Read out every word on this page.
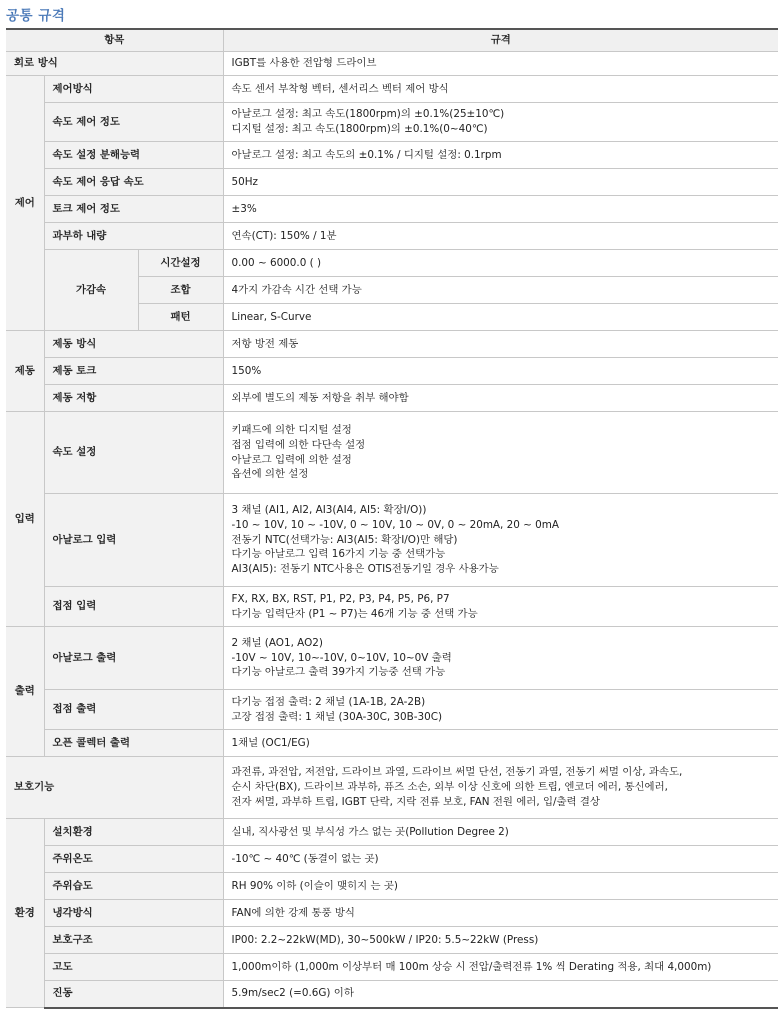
공통 규격
항목			규격
회로 방식			IGBT를 사용한 전압형 드라이브
제어	제어방식		속도 센서 부착형 벡터, 센서리스 벡터 제어 방식
	속도 제어 정도		아날로그 설정: 최고 속도(1800rpm)의 ±0.1%(25±10℃)
디지털 설정: 최고 속도(1800rpm)의 ±0.1%(0~40℃)

	속도 설정 분해능력		아날로그 설정: 최고 속도의 ±0.1% / 디지털 설정: 0.1rpm
	속도 제어 응답 속도		50Hz
	토크 제어 정도		±3%
	과부하 내량		연속(CT): 150% / 1분
	가감속	시간설정	0.00 ~ 6000.0 ( )
		조합	4가지 가감속 시간 선택 가능
		패턴	Linear, S-Curve
제동	제동 방식		저항 방전 제동
	제동 토크		150%
	제동 저항		외부에 별도의 제동 저항을 취부 해야함
입력	속도 설정		키패드에 의한 디지털 설정
접점 입력에 의한 다단속 설정
아날로그 입력에 의한 설정
옵션에 의한 설정

	아날로그 입력		3 채널 (AI1, AI2, AI3(AI4, AI5: 확장I/O))
-10 ~ 10V, 10 ~ -10V, 0 ~ 10V, 10 ~ 0V, 0 ~ 20mA, 20 ~ 0mA
전동기 NTC(선택가능: AI3(AI5: 확장I/O)만 해당)
다기능 아날로그 입력 16가지 기능 중 선택가능
AI3(AI5): 전동기 NTC사용은 OTIS전동기일 경우 사용가능

	접점 입력		FX, RX, BX, RST, P1, P2, P3, P4, P5, P6, P7
다기능 입력단자 (P1 ~ P7)는 46개 기능 중 선택 가능

출력	아날로그 출력		2 채널 (AO1, AO2)
-10V ~ 10V, 10~-10V, 0~10V, 10~0V 출력
다기능 아날로그 출력 39가지 기능중 선택 가능

	접점 출력		다기능 접점 출력: 2 채널 (1A-1B, 2A-2B)
고장 접점 출력: 1 채널 (30A-30C, 30B-30C)

	오픈 콜렉터 출력		1채널 (OC1/EG)
보호기능			과전류, 과전압, 저전압, 드라이브 과열, 드라이브 써멀 단선, 전동기 과열, 전동기 써멀 이상, 과속도,
순시 차단(BX), 드라이브 과부하, 퓨즈 소손, 외부 이상 신호에 의한 트립, 엔코더 에러, 통신에러,
전자 써멀, 과부하 트립, IGBT 단락, 지락 전류 보호, FAN 전원 에러, 입/출력 결상

환경	설치환경		실내, 직사광선 및 부식성 가스 없는 곳(Pollution Degree 2)
	주위온도		-10℃ ~ 40℃ (동결이 없는 곳)
	주위습도		RH 90% 이하 (이슬이 맺히지 는 곳)
	냉각방식		FAN에 의한 강제 통풍 방식
	보호구조		IP00: 2.2~22kW(MD), 30~500kW / IP20: 5.5~22kW (Press)
	고도		1,000m이하 (1,000m 이상부터 매 100m 상승 시 전압/출력전류 1% 씩 Derating 적용, 최대 4,000m)
	진동		5.9m/sec2 (=0.6G) 이하
